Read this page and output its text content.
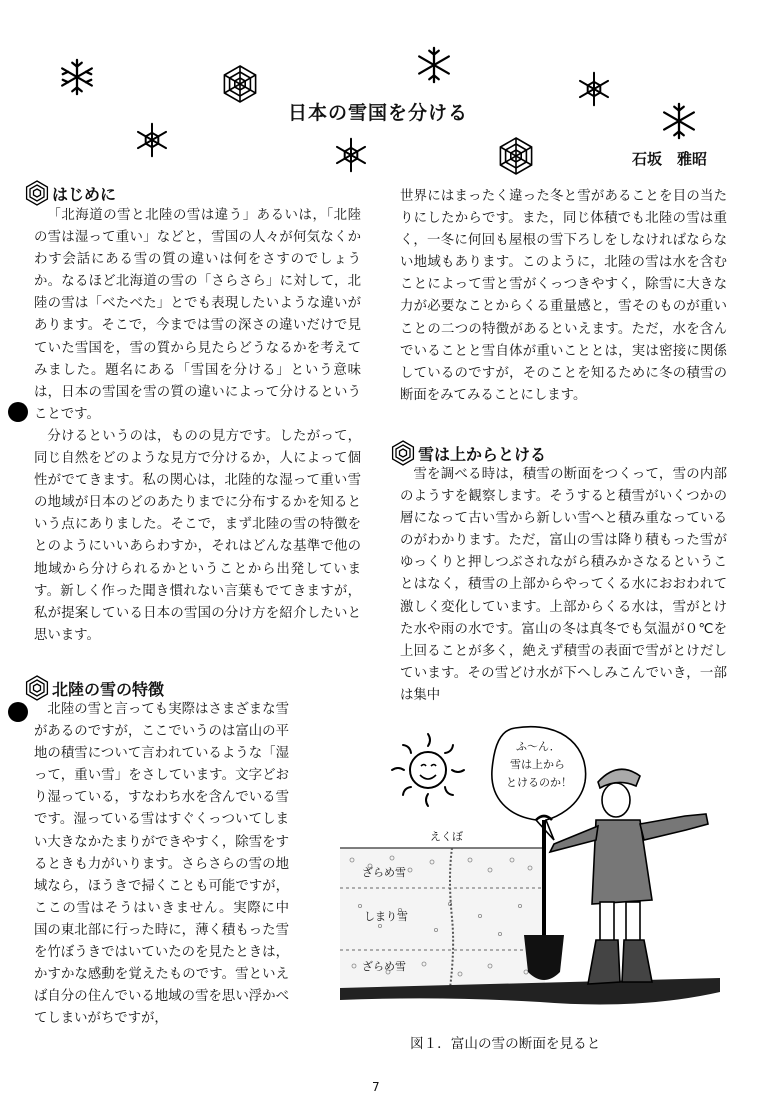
日本の雪国を分ける

石坂　雅昭

はじめに

「北海道の雪と北陸の雪は違う」あるいは，「北陸の雪は湿って重い」などと，雪国の人々が何気なくかわす会話にある雪の質の違いは何をさすのでしょうか。なるほど北海道の雪の「さらさら」に対して，北陸の雪は「べたべた」とでも表現したいような違いがあります。そこで，今までは雪の深さの違いだけで見ていた雪国を，雪の質から見たらどうなるかを考えてみました。題名にある「雪国を分ける」という意味は，日本の雪国を雪の質の違いによって分けるということです。

分けるというのは，ものの見方です。したがって，同じ自然をどのような見方で分けるか，人によって個性がでてきます。私の関心は，北陸的な湿って重い雪の地域が日本のどのあたりまでに分布するかを知るという点にありました。そこで，まず北陸の雪の特徴をとのようにいいあらわすか，それはどんな基準で他の地域から分けられるかということから出発しています。新しく作った聞き慣れない言葉もでてきますが，私が提案している日本の雪国の分け方を紹介したいと思います。

北陸の雪の特徴

北陸の雪と言っても実際はさまざまな雪があるのですが，ここでいうのは富山の平地の積雪について言われているような「湿って，重い雪」をさしています。文字どおり湿っている，すなわち水を含んでいる雪です。湿っている雪はすぐくっついてしまい大きなかたまりができやすく，除雪をするときも力がいります。さらさらの雪の地域なら，ほうきで掃くことも可能ですが，ここの雪はそうはいきません。実際に中国の東北部に行った時に，薄く積もった雪を竹ぼうきではいていたのを見たときは，かすかな感動を覚えたものです。雪といえば自分の住んでいる地域の雪を思い浮かべてしまいがちですが，

世界にはまったく違った冬と雪があることを目の当たりにしたからです。また，同じ体積でも北陸の雪は重く，一冬に何回も屋根の雪下ろしをしなければならない地域もあります。このように，北陸の雪は水を含むことによって雪と雪がくっつきやすく，除雪に大きな力が必要なことからくる重量感と，雪そのものが重いことの二つの特徴があるといえます。ただ，水を含んでいることと雪自体が重いこととは，実は密接に関係しているのですが，そのことを知るために冬の積雪の断面をみてみることにします。

雪は上からとける

雪を調べる時は，積雪の断面をつくって，雪の内部のようすを観察します。そうすると積雪がいくつかの層になって古い雪から新しい雪へと積み重なっているのがわかります。ただ，富山の雪は降り積もった雪がゆっくりと押しつぶされながら積みかさなるということはなく，積雪の上部からやってくる水におおわれて激しく変化しています。上部からくる水は，雪がとけた水や雨の水です。富山の冬は真冬でも気温が０℃を上回ることが多く，絶えず積雪の表面で雪がとけだしています。その雪どけ水が下へしみこんでいき，一部は集中

ふ〜ん．
雪は上から
とけるのか！
えくぼ
ざらめ雪
しまり雪
ざらめ雪

図１．富山の雪の断面を見ると

7
